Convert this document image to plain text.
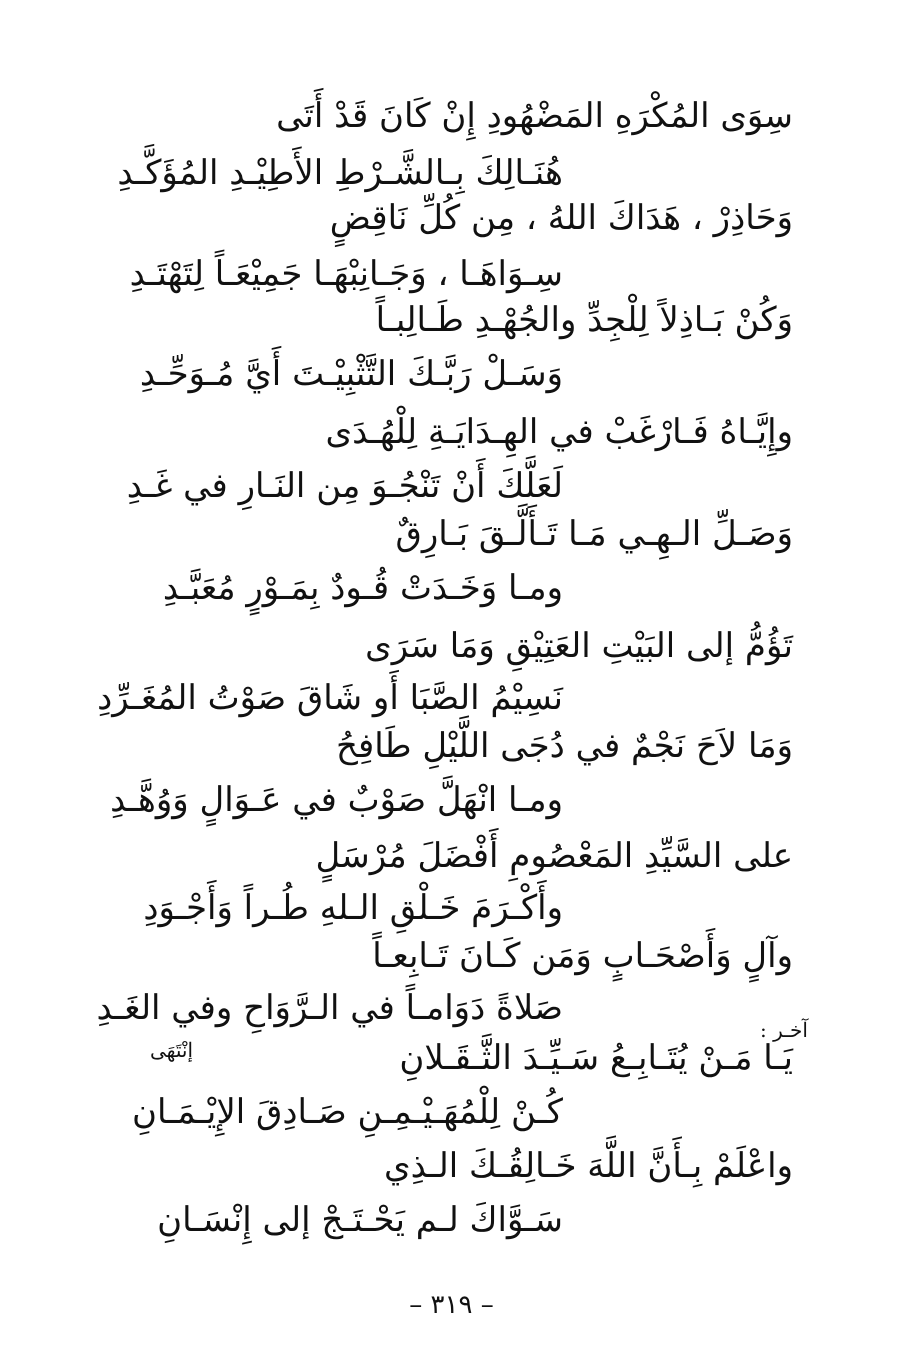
سِوَى المُكْرَهِ المَضْهُودِ إِنْ كَانَ قَدْ أَتَى
هُنَـالِكَ بِـالشَّـرْطِ الأَطِيْـدِ المُؤَكَّـدِ
وَحَاذِرْ ، هَدَاكَ اللهُ ، مِن كُلِّ نَاقِضٍ
سِـوَاهَـا ، وَجَـانِبْهَـا جَمِيْعَـاً لِتَهْتَـدِ
وَكُنْ بَـاذِلاً لِلْجِدِّ والجُهْـدِ طَـالِبـاً
وَسَـلْ رَبَّـكَ التَّثْبِيْـتَ أَيَّ مُـوَحِّـدِ
وإِيَّـاهُ فَـارْغَبْ في الهِـدَايَـةِ لِلْهُـدَى
لَعَلَّكَ أَنْ تَنْجُـوَ مِن النَـارِ في غَـدِ
وَصَـلِّ الـهِـي مَـا تَـأَلَّـقَ بَـارِقٌ
ومـا وَخَـدَتْ قُـودٌ بِمَـوْرٍ مُعَبَّـدِ
تَؤُمُّ إلى البَيْتِ العَتِيْقِ وَمَا سَرَى
نَسِيْمُ الصَّبَا أَو شَاقَ صَوْتُ المُغَـرِّدِ
وَمَا لاَحَ نَجْمٌ في دُجَى اللَّيْلِ طَافِحُ
ومـا انْهَلَّ صَوْبٌ في عَـوَالٍ وَوُهَّـدِ
على السَّيِّدِ المَعْصُومِ أَفْضَلَ مُرْسَلٍ
وأَكْـرَمَ خَـلْقِ الـلهِ طُـراً وَأَجْـوَدِ
وآلٍ وَأَصْحَـابٍ وَمَن كَـانَ تَـابِعـاً
صَلاةً دَوَامـاً في الـرَّوَاحِ وفي الغَـدِ
آخـر :
إنْتَهَى	يَـا مَـنْ يُتَـابِـعُ سَـيِّـدَ الثَّـقَـلانِ
كُـنْ لِلْمُهَـيْـمِـنِ صَـادِقَ الإِيْـمَـانِ
واعْلَمْ بِـأَنَّ اللَّهَ خَـالِقُـكَ الـذِي
سَـوَّاكَ لـم يَحْـتَـجْ إلى إِنْسَـانِ
– ٣١٩ –
